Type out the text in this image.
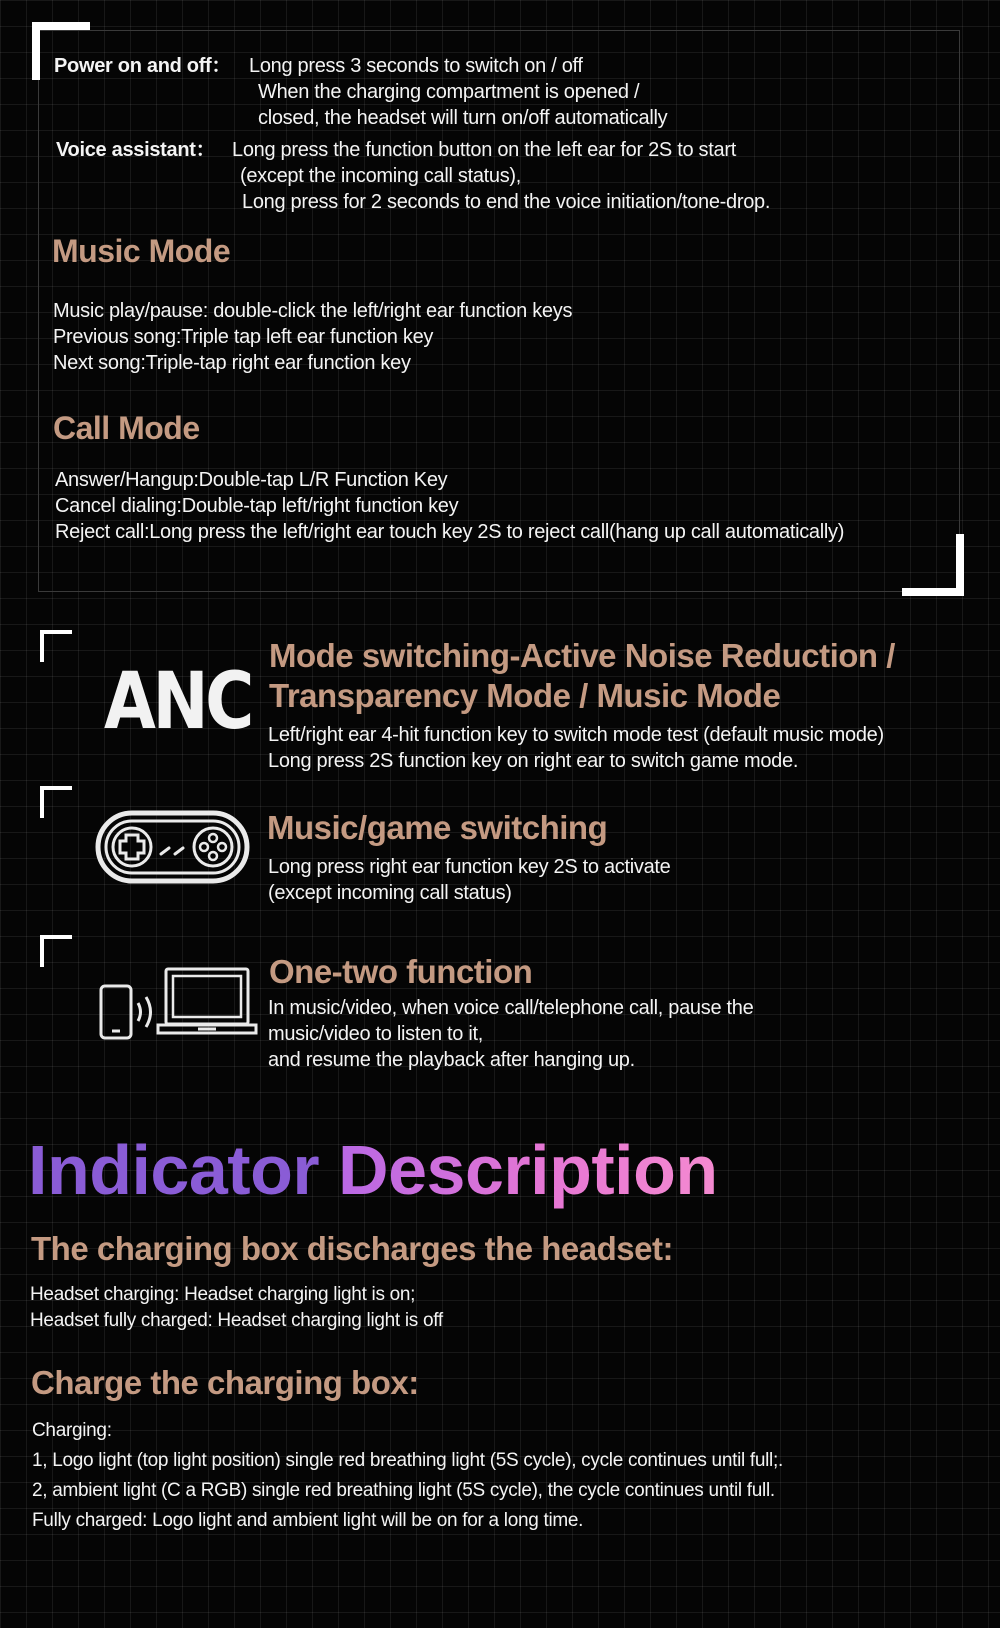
Power on and off： Long press 3 seconds to switch on / off
When the charging compartment is opened /
closed, the headset will turn on/off automatically
Voice assistant： Long press the function button on the left ear for 2S to start
(except the incoming call status),
Long press for 2 seconds to end the voice initiation/tone-drop.
Music Mode
Music play/pause: double-click the left/right ear function keys
Previous song:Triple tap left ear function key
Next song:Triple-tap right ear function key
Call Mode
Answer/Hangup:Double-tap L/R Function Key
Cancel dialing:Double-tap left/right function key
Reject call:Long press the left/right ear touch key 2S to reject call(hang up call automatically)
ANC
Mode switching-Active Noise Reduction /
Transparency Mode / Music Mode
Left/right ear 4-hit function key to switch mode test (default music mode)
Long press 2S function key on right ear to switch game mode.
Music/game switching
Long press right ear function key 2S to activate
(except incoming call status)
One-two function
In music/video, when voice call/telephone call, pause the
music/video to listen to it,
and resume the playback after hanging up.
Indicator Description
The charging box discharges the headset:
Headset charging: Headset charging light is on;
Headset fully charged: Headset charging light is off
Charge the charging box:
Charging:
1, Logo light (top light position) single red breathing light (5S cycle), cycle continues until full;.
2, ambient light (C a RGB) single red breathing light (5S cycle), the cycle continues until full.
Fully charged: Logo light and ambient light will be on for a long time.
